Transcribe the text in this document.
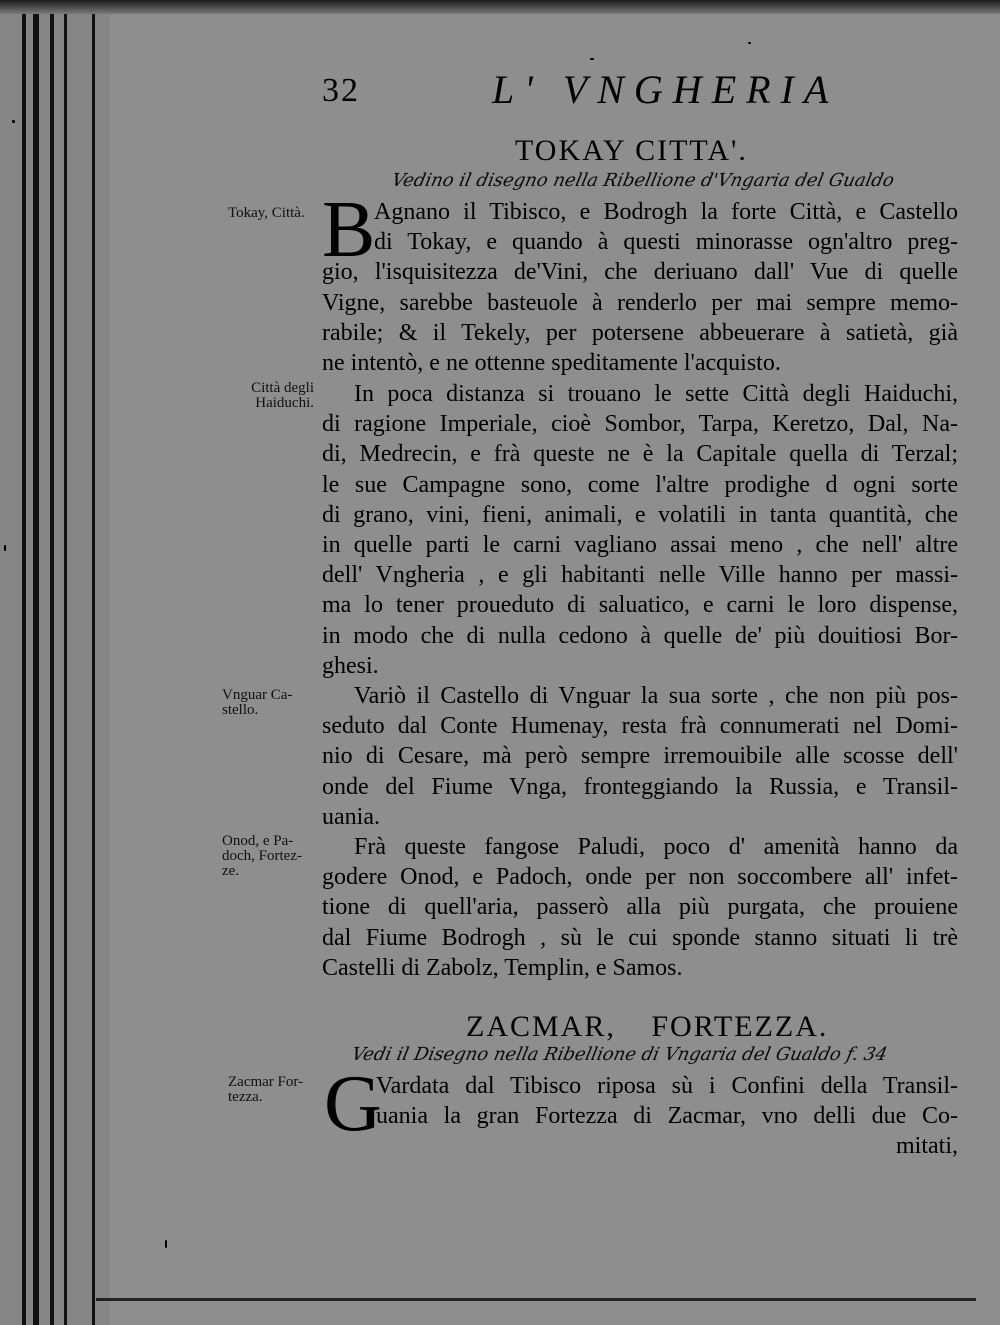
32	L' VNGHERIA
TOKAY CITTA'.
Vedino il disegno nella Ribellione d'Vngaria del Gualdo
B
Agnano il Tibisco, e Bodrogh la forte Città, e Castello
di Tokay, e quando à questi minorasse ogn'altro preg-
gio, l'isquisitezza de'Vini, che deriuano dall' Vue di quelle
Vigne, sarebbe basteuole à renderlo per mai sempre memo-
rabile; & il Tekely, per potersene abbeuerare à satietà, già
ne intentò, e ne ottenne speditamente l'acquisto.
In poca distanza si trouano le sette Città degli Haiduchi,
di ragione Imperiale, cioè Sombor, Tarpa, Keretzo, Dal, Na-
di, Medrecin, e frà queste ne è la Capitale quella di Terzal;
le sue Campagne sono, come l'altre prodighe d ogni sorte
di grano, vini, fieni, animali, e volatili in tanta quantità, che
in quelle parti le carni vagliano assai meno , che nell' altre
dell' Vngheria , e gli habitanti nelle Ville hanno per massi-
ma lo tener proueduto di saluatico, e carni le loro dispense,
in modo che di nulla cedono à quelle de' più douitiosi Bor-
ghesi.
Variò il Castello di Vnguar la sua sorte , che non più pos-
seduto dal Conte Humenay, resta frà connumerati nel Domi-
nio di Cesare, mà però sempre irremouibile alle scosse dell'
onde del Fiume Vnga, fronteggiando la Russia, e Transil-
uania.
Frà queste fangose Paludi, poco d' amenità hanno da
godere Onod, e Padoch, onde per non soccombere all' infet-
tione di quell'aria, passerò alla più purgata, che prouiene
dal Fiume Bodrogh , sù le cui sponde stanno situati li trè
Castelli di Zabolz, Templin, e Samos.
ZACMAR, FORTEZZA.
Vedi il Disegno nella Ribellione di Vngaria del Gualdo f. 34
G
Vardata dal Tibisco riposa sù i Confini della Transil-
uania la gran Fortezza di Zacmar, vno delli due Co-
mitati,
Tokay, Città.
Città degli
Haiduchi.
Vnguar Ca-
stello.
Onod, e Pa-
doch, Fortez-
ze.
Zacmar For-
tezza.
